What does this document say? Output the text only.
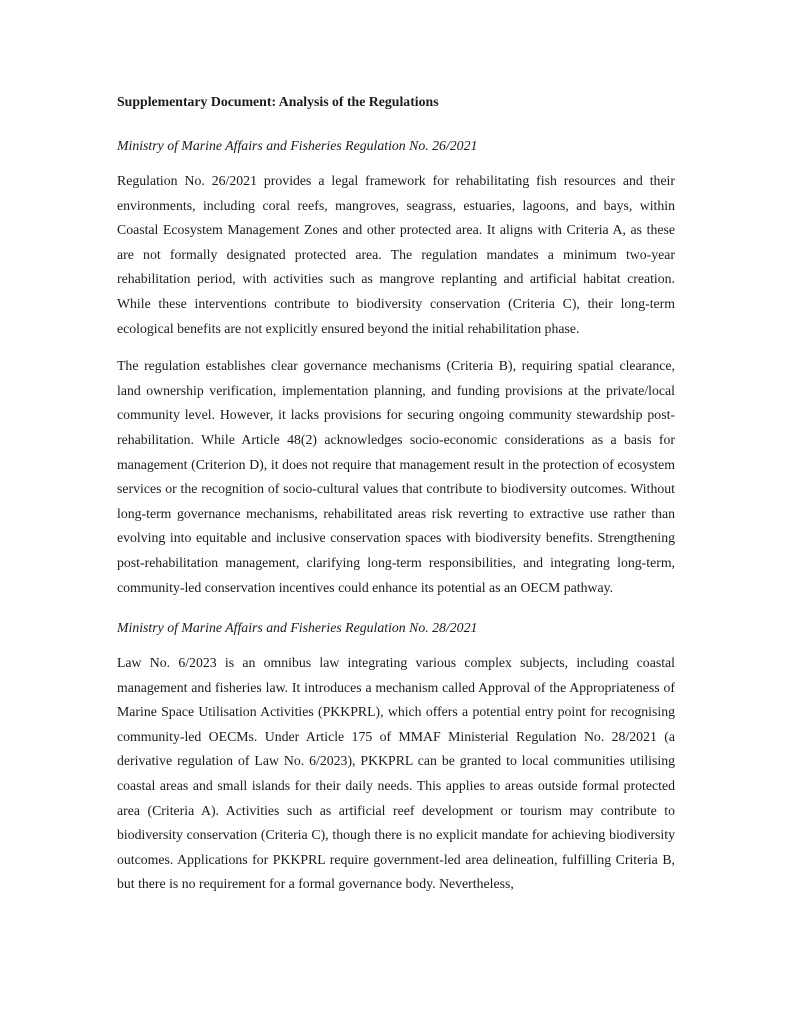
Supplementary Document: Analysis of the Regulations
Ministry of Marine Affairs and Fisheries Regulation No. 26/2021

Regulation No. 26/2021 provides a legal framework for rehabilitating fish resources and their environments, including coral reefs, mangroves, seagrass, estuaries, lagoons, and bays, within Coastal Ecosystem Management Zones and other protected area. It aligns with Criteria A, as these are not formally designated protected area. The regulation mandates a minimum two-year rehabilitation period, with activities such as mangrove replanting and artificial habitat creation. While these interventions contribute to biodiversity conservation (Criteria C), their long-term ecological benefits are not explicitly ensured beyond the initial rehabilitation phase.

The regulation establishes clear governance mechanisms (Criteria B), requiring spatial clearance, land ownership verification, implementation planning, and funding provisions at the private/local community level. However, it lacks provisions for securing ongoing community stewardship post-rehabilitation. While Article 48(2) acknowledges socio-economic considerations as a basis for management (Criterion D), it does not require that management result in the protection of ecosystem services or the recognition of socio-cultural values that contribute to biodiversity outcomes. Without long-term governance mechanisms, rehabilitated areas risk reverting to extractive use rather than evolving into equitable and inclusive conservation spaces with biodiversity benefits. Strengthening post-rehabilitation management, clarifying long-term responsibilities, and integrating long-term, community-led conservation incentives could enhance its potential as an OECM pathway.

Ministry of Marine Affairs and Fisheries Regulation No. 28/2021

Law No. 6/2023 is an omnibus law integrating various complex subjects, including coastal management and fisheries law. It introduces a mechanism called Approval of the Appropriateness of Marine Space Utilisation Activities (PKKPRL), which offers a potential entry point for recognising community-led OECMs. Under Article 175 of MMAF Ministerial Regulation No. 28/2021 (a derivative regulation of Law No. 6/2023), PKKPRL can be granted to local communities utilising coastal areas and small islands for their daily needs. This applies to areas outside formal protected area (Criteria A). Activities such as artificial reef development or tourism may contribute to biodiversity conservation (Criteria C), though there is no explicit mandate for achieving biodiversity outcomes. Applications for PKKPRL require government-led area delineation, fulfilling Criteria B, but there is no requirement for a formal governance body. Nevertheless,
